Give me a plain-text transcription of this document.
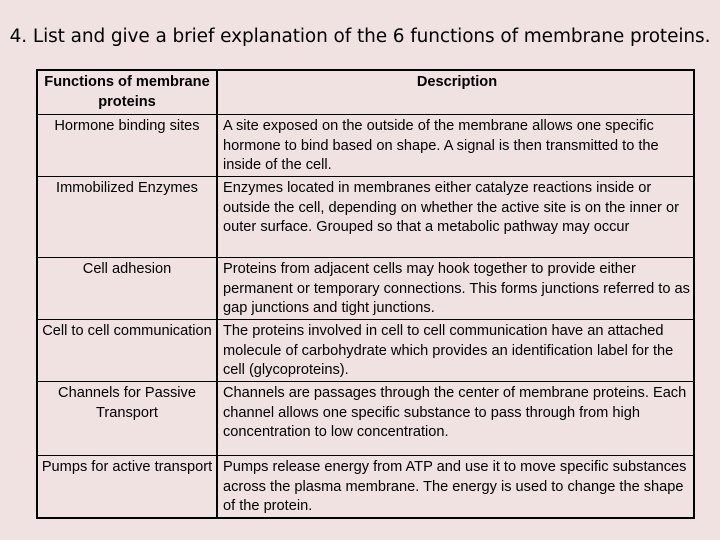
4. List and give a brief explanation of the 6 functions of membrane proteins.
Functions of membrane proteins	Description
Hormone binding sites	A site exposed on the outside of the membrane allows one specific hormone to bind based on shape. A signal is then transmitted to the inside of the cell.
Immobilized Enzymes	Enzymes located in membranes either catalyze reactions inside or outside the cell, depending on whether the active site is on the inner or outer surface. Grouped so that a metabolic pathway may occur
Cell adhesion	Proteins from adjacent cells may hook together to provide either permanent or temporary connections. This forms junctions referred to as gap junctions and tight junctions.
Cell to cell communication	The proteins involved in cell to cell communication have an attached molecule of carbohydrate which provides an identification label for the cell (glycoproteins).
Channels for Passive Transport	Channels are passages through the center of membrane proteins. Each channel allows one specific substance to pass through from high concentration to low concentration.
Pumps for active transport	Pumps release energy from ATP and use it to move specific substances across the plasma membrane. The energy is used to change the shape of the protein.
